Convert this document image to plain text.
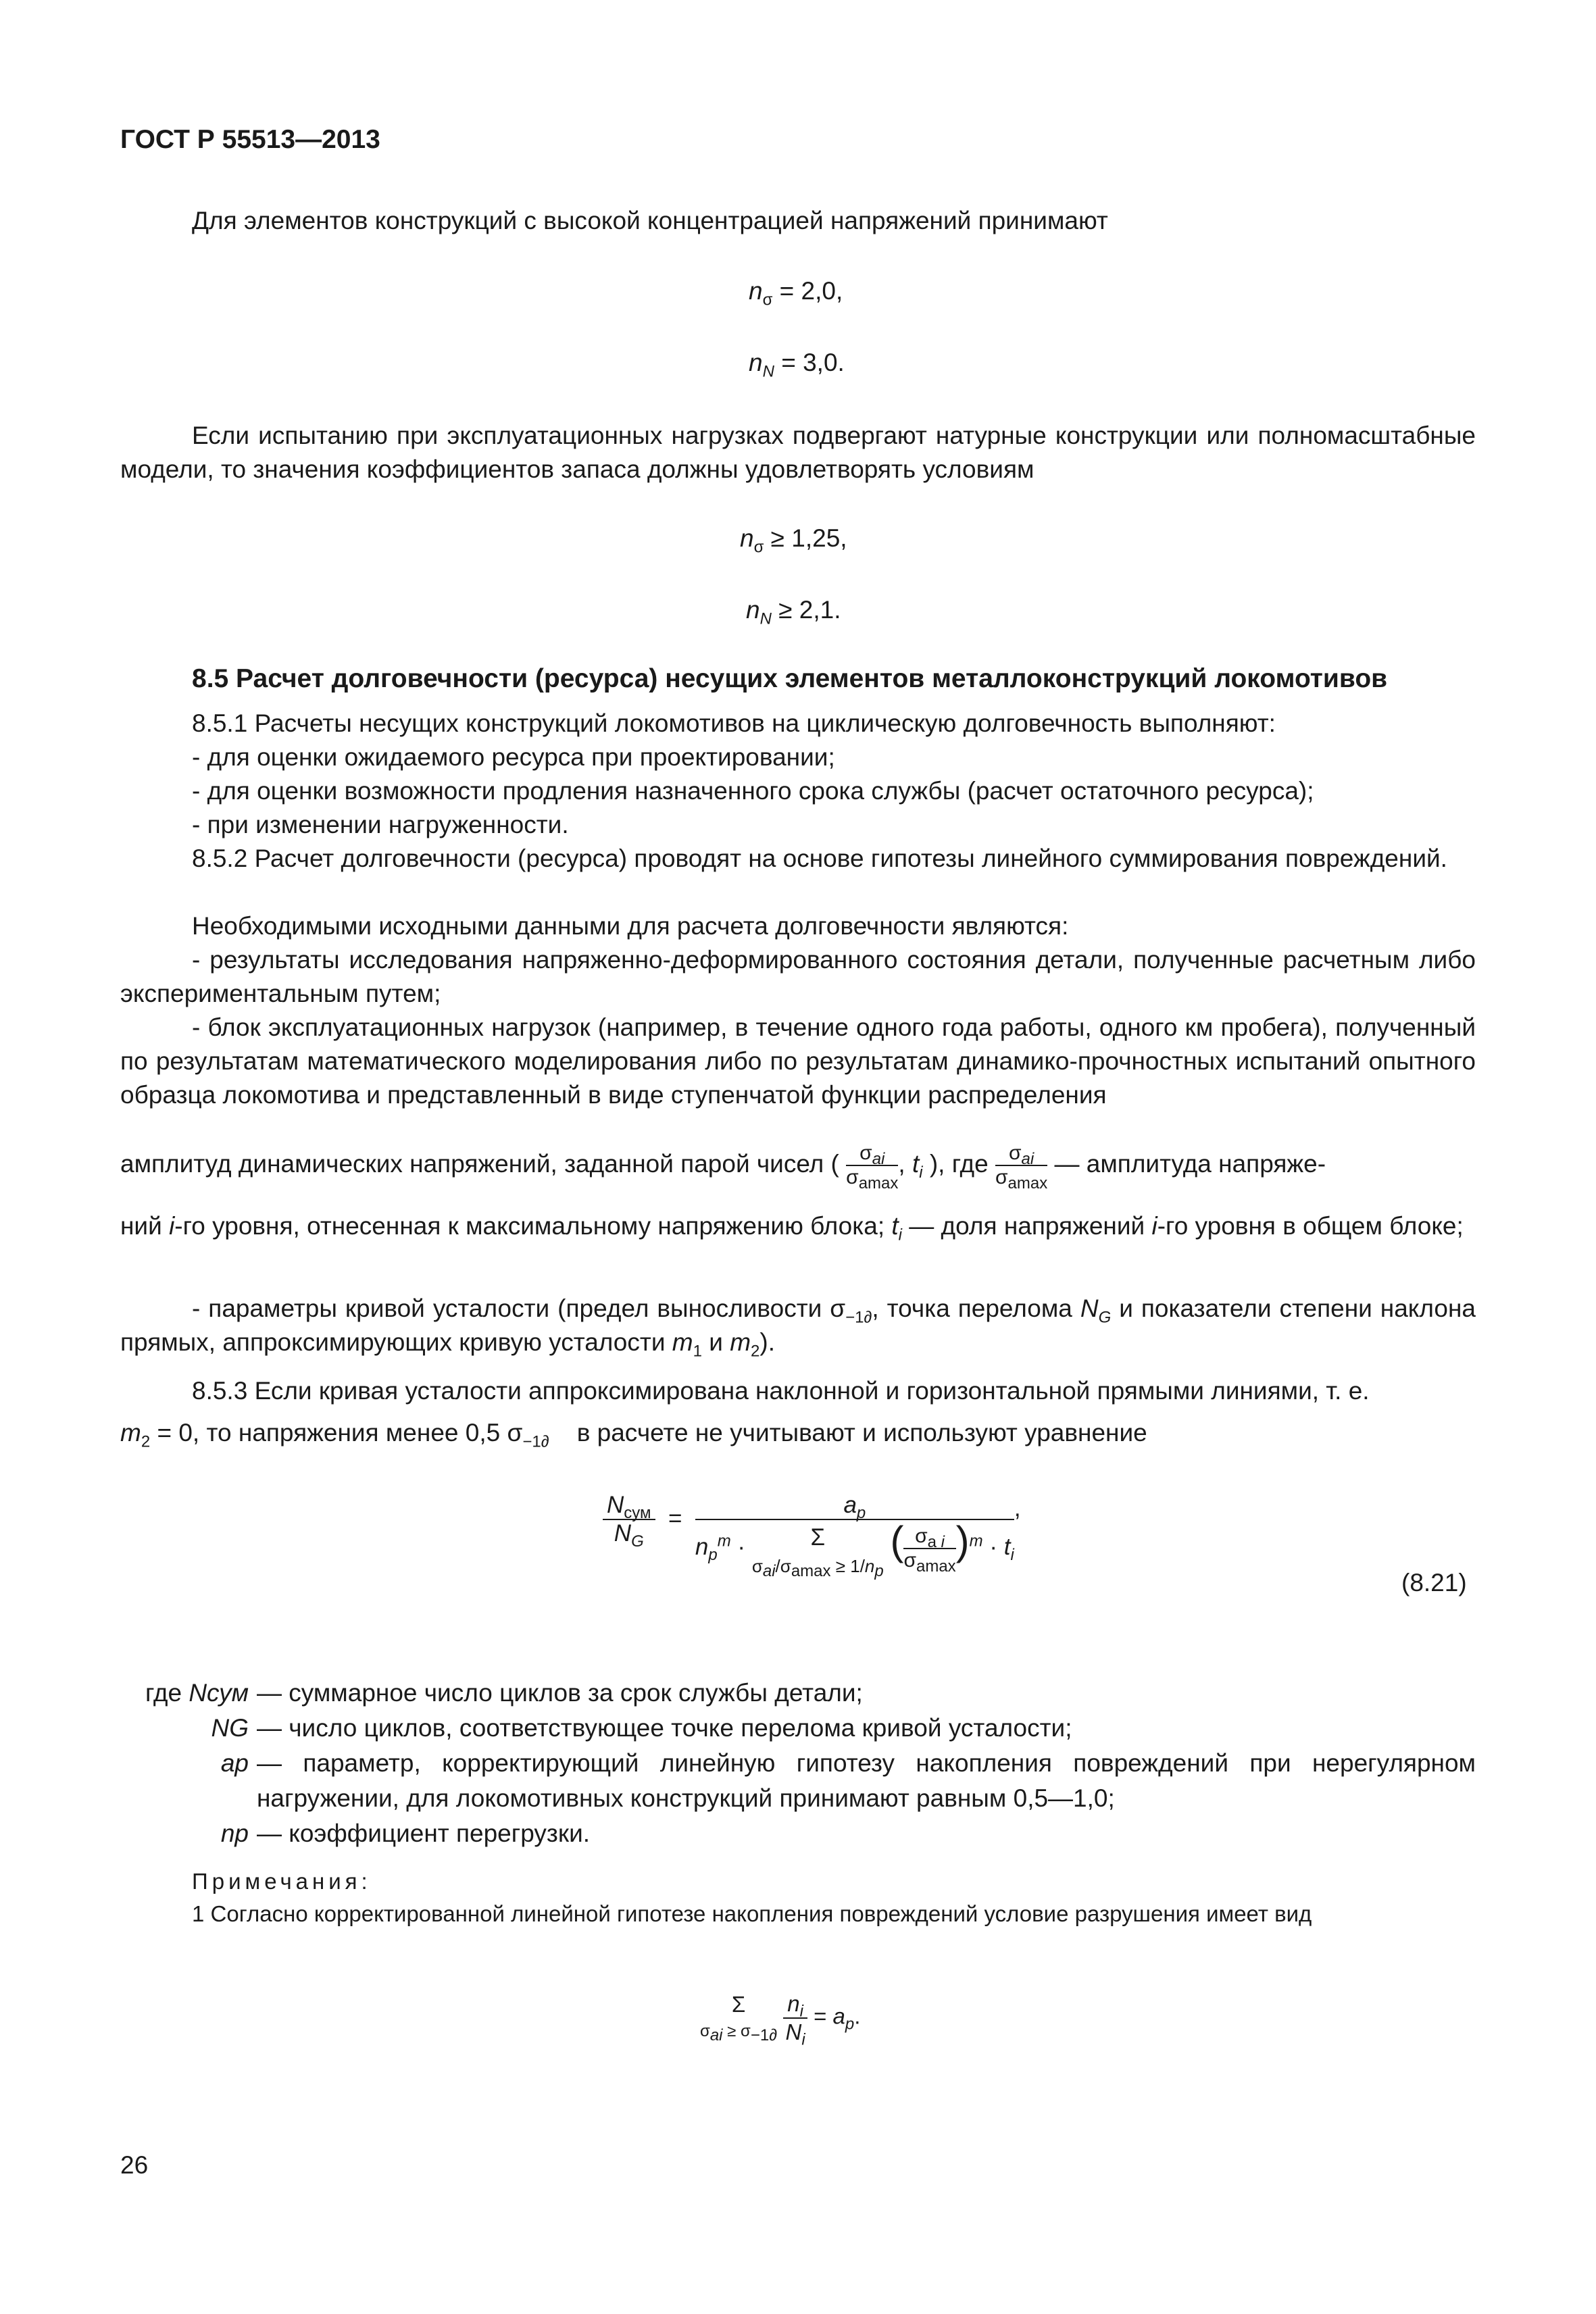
ГОСТ Р 55513—2013

Для элементов конструкций с высокой концентрацией напряжений принимают

$n_\sigma = 2,0$,
$n_N = 3,0$.

Если испытанию при эксплуатационных нагрузках подвергают натурные конструкции или полномасштабные модели, то значения коэффициентов запаса должны удовлетворять условиям

$n_\sigma \ge 1,25$,
$n_N \ge 2,1$.
8.5 Расчет долговечности (ресурса) несущих элементов металлоконструкций локомотивов

8.5.1 Расчеты несущих конструкций локомотивов на циклическую долговечность выполняют:

- для оценки ожидаемого ресурса при проектировании;

- для оценки возможности продления назначенного срока службы (расчет остаточного ресурса);

- при изменении нагруженности.

8.5.2 Расчет долговечности (ресурса) проводят на основе гипотезы линейного суммирования повреждений.

Необходимыми исходными данными для расчета долговечности являются:

- результаты исследования напряженно-деформированного состояния детали, полученные расчетным либо экспериментальным путем;

- блок эксплуатационных нагрузок (например, в течение одного года работы, одного км пробега), полученный по результатам математического моделирования либо по результатам динамико-прочностных испытаний опытного образца локомотива и представленный в виде ступенчатой функции распределения

амплитуд динамических напряжений, заданной парой чисел ( $\frac{\sigma_{ai}}{\sigma_{amax}}$ , $t_i$ ), где $\frac{\sigma_{ai}}{\sigma_{amax}}$ — амплитуда напряже-

ний i-го уровня, отнесенная к максимальному напряжению блока; $t_i$ — доля напряжений i-го уровня в общем блоке;

- параметры кривой усталости (предел выносливости $\sigma_{-1\partial}$, точка перелома $N_G$ и показатели степени наклона прямых, аппроксимирующих кривую усталости $m_1$ и $m_2$).

8.5.3 Если кривая усталости аппроксимирована наклонной и горизонтальной прямыми линиями, т. е.

$m_2 = 0$, то напряжения менее 0,5 $\sigma_{-1\partial}$ в расчете не учитывают и используют уравнение

$\frac{N_{сум}}{N_G}$ =
$a_p$
$n_p^m \cdot \Sigma$
$\sigma_{ai}/\sigma_{amax} \ge 1/n_p$ ( $\frac{\sigma_{a i}}{\sigma_{amax}} )^m \cdot t_i$
,
(8.21)
где Nсум — суммарное число циклов за срок службы детали;
NG — число циклов, соответствующее точке перелома кривой усталости;
ap — параметр, корректирующий линейную гипотезу накопления повреждений при нерегулярном нагружении, для локомотивных конструкций принимают равным 0,5—1,0;
np — коэффициент перегрузки.
Примечания:

1 Согласно корректированной линейной гипотезе накопления повреждений условие разрушения имеет вид

Σ
$\sigma_{ai} \ge \sigma_{-1\partial} \frac{n_i}{N_i} = a_p$.
26
